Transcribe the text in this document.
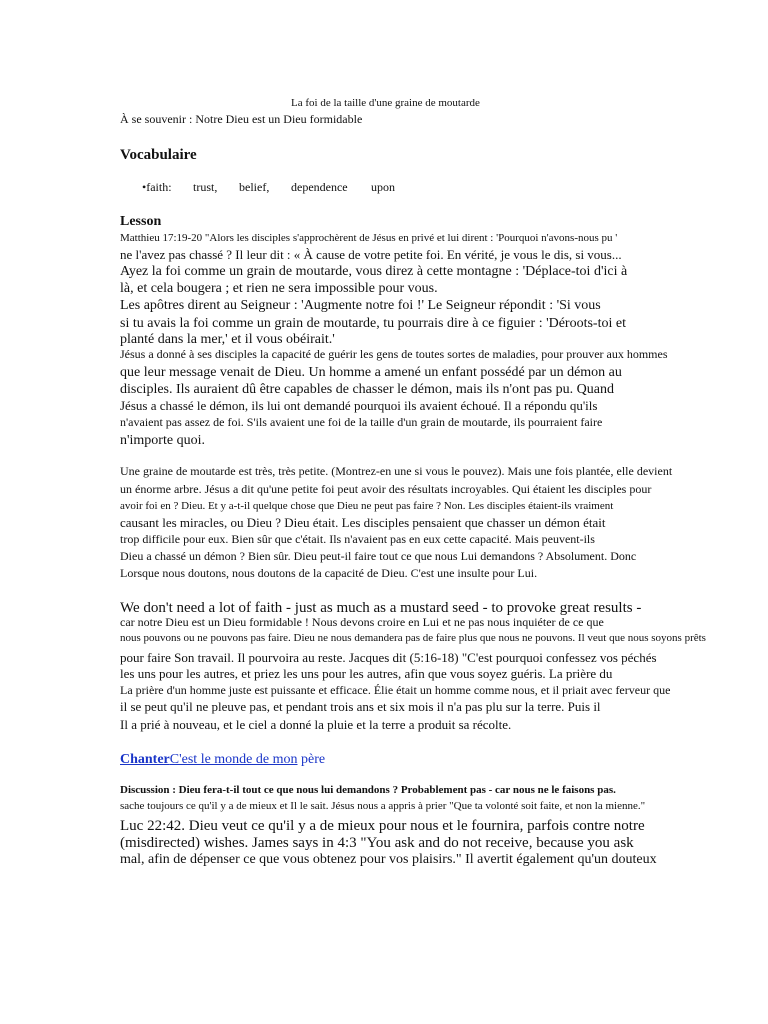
La foi de la taille d'une graine de moutarde
À se souvenir : Notre Dieu est un Dieu formidable
Vocabulaire
•faith: trust, belief, dependence upon
Lesson
Matthieu 17:19-20 "Alors les disciples s'approchèrent de Jésus en privé et lui dirent : 'Pourquoi n'avons-nous pu '
ne l'avez pas chassé ? Il leur dit : « À cause de votre petite foi. En vérité, je vous le dis, si vous...
Ayez la foi comme un grain de moutarde, vous direz à cette montagne : 'Déplace-toi d'ici à
là, et cela bougera ; et rien ne sera impossible pour vous.
Les apôtres dirent au Seigneur : 'Augmente notre foi !' Le Seigneur répondit : 'Si vous
si tu avais la foi comme un grain de moutarde, tu pourrais dire à ce figuier : 'Déroots-toi et
planté dans la mer,' et il vous obéirait.'
Jésus a donné à ses disciples la capacité de guérir les gens de toutes sortes de maladies, pour prouver aux hommes
que leur message venait de Dieu. Un homme a amené un enfant possédé par un démon au
disciples. Ils auraient dû être capables de chasser le démon, mais ils n'ont pas pu. Quand
Jésus a chassé le démon, ils lui ont demandé pourquoi ils avaient échoué. Il a répondu qu'ils
n'avaient pas assez de foi. S'ils avaient une foi de la taille d'un grain de moutarde, ils pourraient faire
n'importe quoi.
Une graine de moutarde est très, très petite. (Montrez-en une si vous le pouvez). Mais une fois plantée, elle devient
un énorme arbre. Jésus a dit qu'une petite foi peut avoir des résultats incroyables. Qui étaient les disciples pour
avoir foi en ? Dieu. Et y a-t-il quelque chose que Dieu ne peut pas faire ? Non. Les disciples étaient-ils vraiment
causant les miracles, ou Dieu ? Dieu était. Les disciples pensaient que chasser un démon était
trop difficile pour eux. Bien sûr que c'était. Ils n'avaient pas en eux cette capacité. Mais peuvent-ils
Dieu a chassé un démon ? Bien sûr. Dieu peut-il faire tout ce que nous Lui demandons ? Absolument. Donc
Lorsque nous doutons, nous doutons de la capacité de Dieu. C'est une insulte pour Lui.
We don't need a lot of faith - just as much as a mustard seed - to provoke great results -
car notre Dieu est un Dieu formidable ! Nous devons croire en Lui et ne pas nous inquiéter de ce que
nous pouvons ou ne pouvons pas faire. Dieu ne nous demandera pas de faire plus que nous ne pouvons. Il veut que nous soyons prêts
pour faire Son travail. Il pourvoira au reste. Jacques dit (5:16-18) "C'est pourquoi confessez vos péchés
les uns pour les autres, et priez les uns pour les autres, afin que vous soyez guéris. La prière du
La prière d'un homme juste est puissante et efficace. Élie était un homme comme nous, et il priait avec ferveur que
il se peut qu'il ne pleuve pas, et pendant trois ans et six mois il n'a pas plu sur la terre. Puis il
Il a prié à nouveau, et le ciel a donné la pluie et la terre a produit sa récolte.
ChanterC'est le monde de mon père
Discussion : Dieu fera-t-il tout ce que nous lui demandons ? Probablement pas - car nous ne le faisons pas.
sache toujours ce qu'il y a de mieux et Il le sait. Jésus nous a appris à prier "Que ta volonté soit faite, et non la mienne."
Luc 22:42. Dieu veut ce qu'il y a de mieux pour nous et le fournira, parfois contre notre
(misdirected) wishes. James says in 4:3 "You ask and do not receive, because you ask
mal, afin de dépenser ce que vous obtenez pour vos plaisirs." Il avertit également qu'un douteux
